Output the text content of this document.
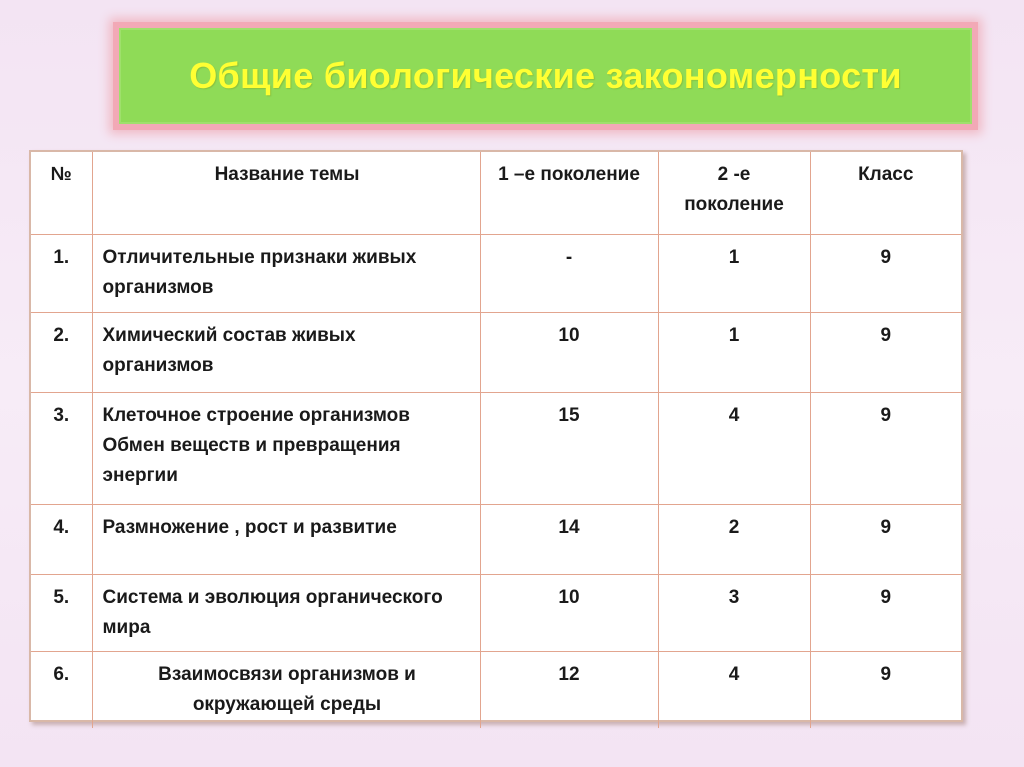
Общие биологические закономерности
№	Название темы	1 –е поколение	2 -е поколение	Класс
1.	Отличительные признаки живых организмов	-	1	9
2.	Химический состав живых организмов	10	1	9
3.	Клеточное строение организмов Обмен веществ и превращения энергии	15	4	9
4.	Размножение , рост и развитие	14	2	9
5.	Система и эволюция органического мира	10	3	9
6.	Взаимосвязи организмов и окружающей среды	12	4	9
